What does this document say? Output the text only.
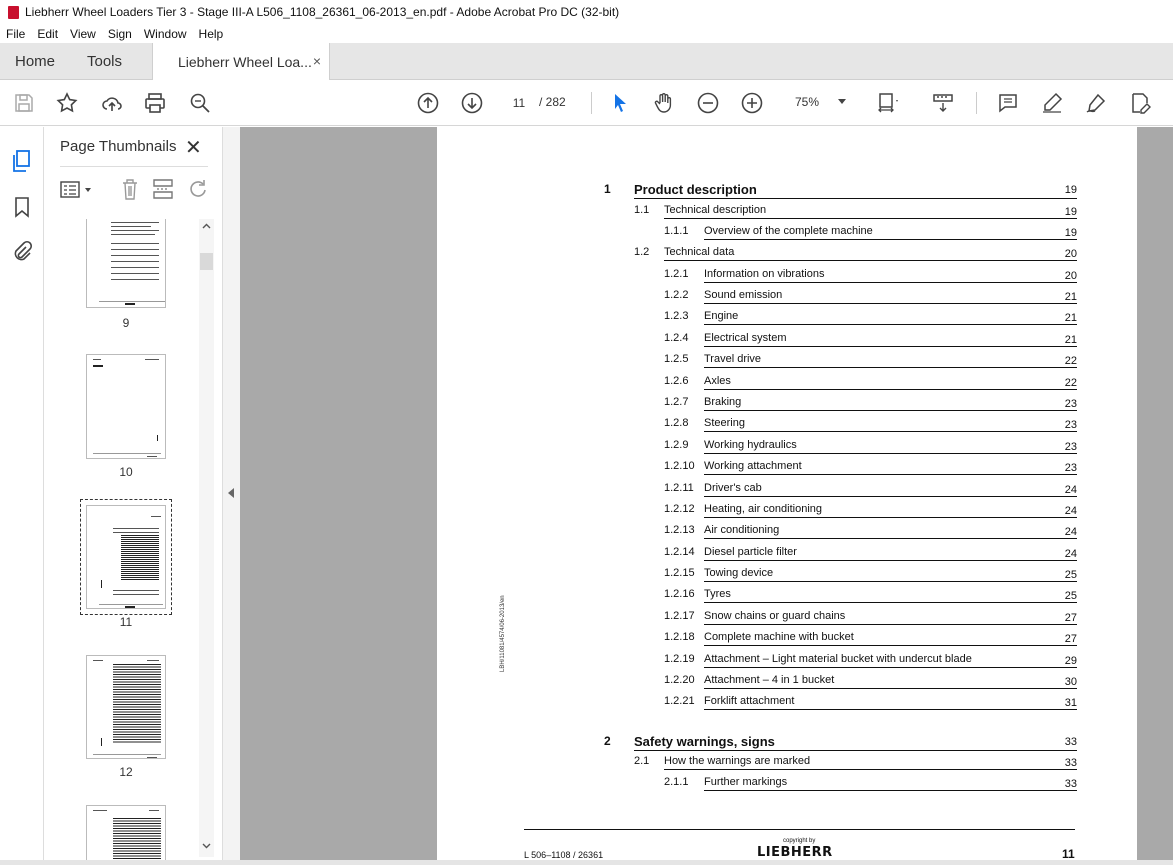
Liebherr Wheel Loaders Tier 3 - Stage III-A L506_1108_26361_06-2013_en.pdf - Adobe Acrobat Pro DC (32-bit)
File Edit View Sign Window Help
Home Tools	Liebherr Wheel Loa... ×
11	/ 282	75%
Page Thumbnails ✕
9
10
11
12
1 Product description	19
1.1 Technical description	19
1.1.1 Overview of the complete machine	19
1.2 Technical data	20
1.2.1 Information on vibrations	20
1.2.2 Sound emission	21
1.2.3 Engine	21
1.2.4 Electrical system	21
1.2.5 Travel drive	22
1.2.6 Axles	22
1.2.7 Braking	23
1.2.8 Steering	23
1.2.9 Working hydraulics	23
1.2.10 Working attachment	23
1.2.11 Driver's cab	24
1.2.12 Heating, air conditioning	24
1.2.13 Air conditioning	24
1.2.14 Diesel particle filter	24
1.2.15 Towing device	25
1.2.16 Tyres	25
1.2.17 Snow chains or guard chains	27
1.2.18 Complete machine with bucket	27
1.2.19 Attachment – Light material bucket with undercut blade	29
1.2.20 Attachment – 4 in 1 bucket	30
1.2.21 Forklift attachment	31
2 Safety warnings, signs	33
2.1 How the warnings are marked	33
2.1.1 Further markings	33
L 506–1108 / 26361
copyright by
LIEBHERR	11
LBH/11081/4574/06-2013/en
